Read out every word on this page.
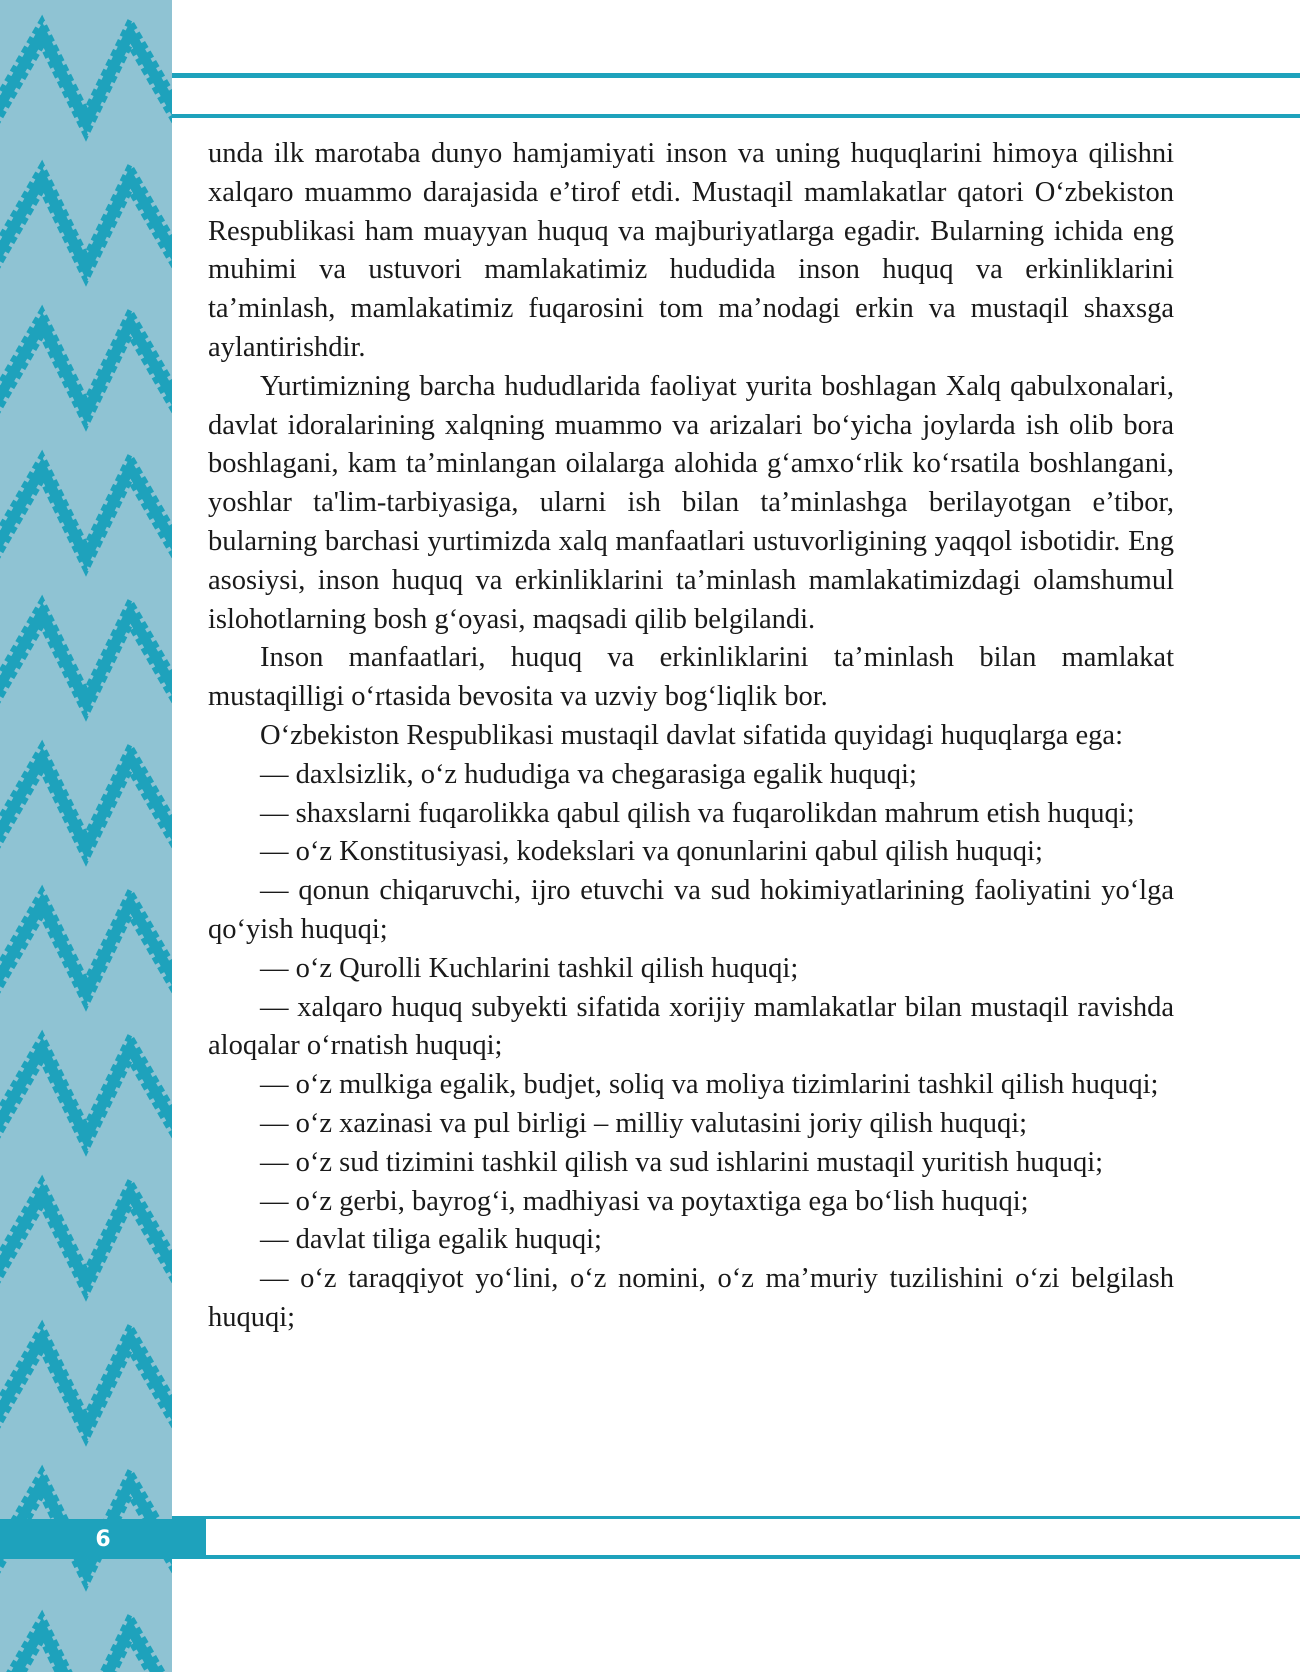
unda ilk marotaba dunyo hamjamiyati inson va uning huquqlarini himoya qilishni xalqaro muammo darajasida e’tirof etdi. Mustaqil mamlakatlar qatori O‘zbekiston Respublikasi ham muayyan huquq va majburiyatlarga egadir. Bularning ichida eng muhimi va ustuvori mamlakatimiz hududida inson huquq va erkinliklarini ta’minlash, mamlakatimiz fuqarosini tom ma’nodagi erkin va mustaqil shaxsga aylantirishdir.

Yurtimizning barcha hududlarida faoliyat yurita boshlagan Xalq qabulxonalari, davlat idoralarining xalqning muammo va arizalari bo‘yicha joylarda ish olib bora boshlagani, kam ta’minlangan oilalarga alohida g‘amxo‘rlik ko‘rsatila boshlangani, yoshlar ta'lim-tarbiyasiga, ularni ish bilan ta’minlashga berilayotgan e’tibor, bularning barchasi yurtimizda xalq manfaatlari ustuvorligining yaqqol isbotidir. Eng asosiysi, inson huquq va erkinliklarini ta’minlash mamlakatimizdagi olamshumul islohotlarning bosh g‘oyasi, maqsadi qilib belgilandi.

Inson manfaatlari, huquq va erkinliklarini ta’minlash bilan mamlakat mustaqilligi o‘rtasida bevosita va uzviy bog‘liqlik bor.

O‘zbekiston Respublikasi mustaqil davlat sifatida quyidagi huquqlarga ega:

— daxlsizlik, o‘z hududiga va chegarasiga egalik huquqi;

— shaxslarni fuqarolikka qabul qilish va fuqarolikdan mahrum etish huquqi;

— o‘z Konstitusiyasi, kodekslari va qonunlarini qabul qilish huquqi;

— qonun chiqaruvchi, ijro etuvchi va sud hokimiyatlarining faoliyatini yo‘lga qo‘yish huquqi;

— o‘z Qurolli Kuchlarini tashkil qilish huquqi;

— xalqaro huquq subyekti sifatida xorijiy mamlakatlar bilan mustaqil ravishda aloqalar o‘rnatish huquqi;

— o‘z mulkiga egalik, budjet, soliq va moliya tizimlarini tashkil qilish huquqi;

— o‘z xazinasi va pul birligi – milliy valutasini joriy qilish huquqi;

— o‘z sud tizimini tashkil qilish va sud ishlarini mustaqil yuritish huquqi;

— o‘z gerbi, bayrog‘i, madhiyasi va poytaxtiga ega bo‘lish huquqi;

— davlat tiliga egalik huquqi;

— o‘z taraqqiyot yo‘lini, o‘z nomini, o‘z ma’muriy tuzilishini o‘zi belgilash huquqi;

6
